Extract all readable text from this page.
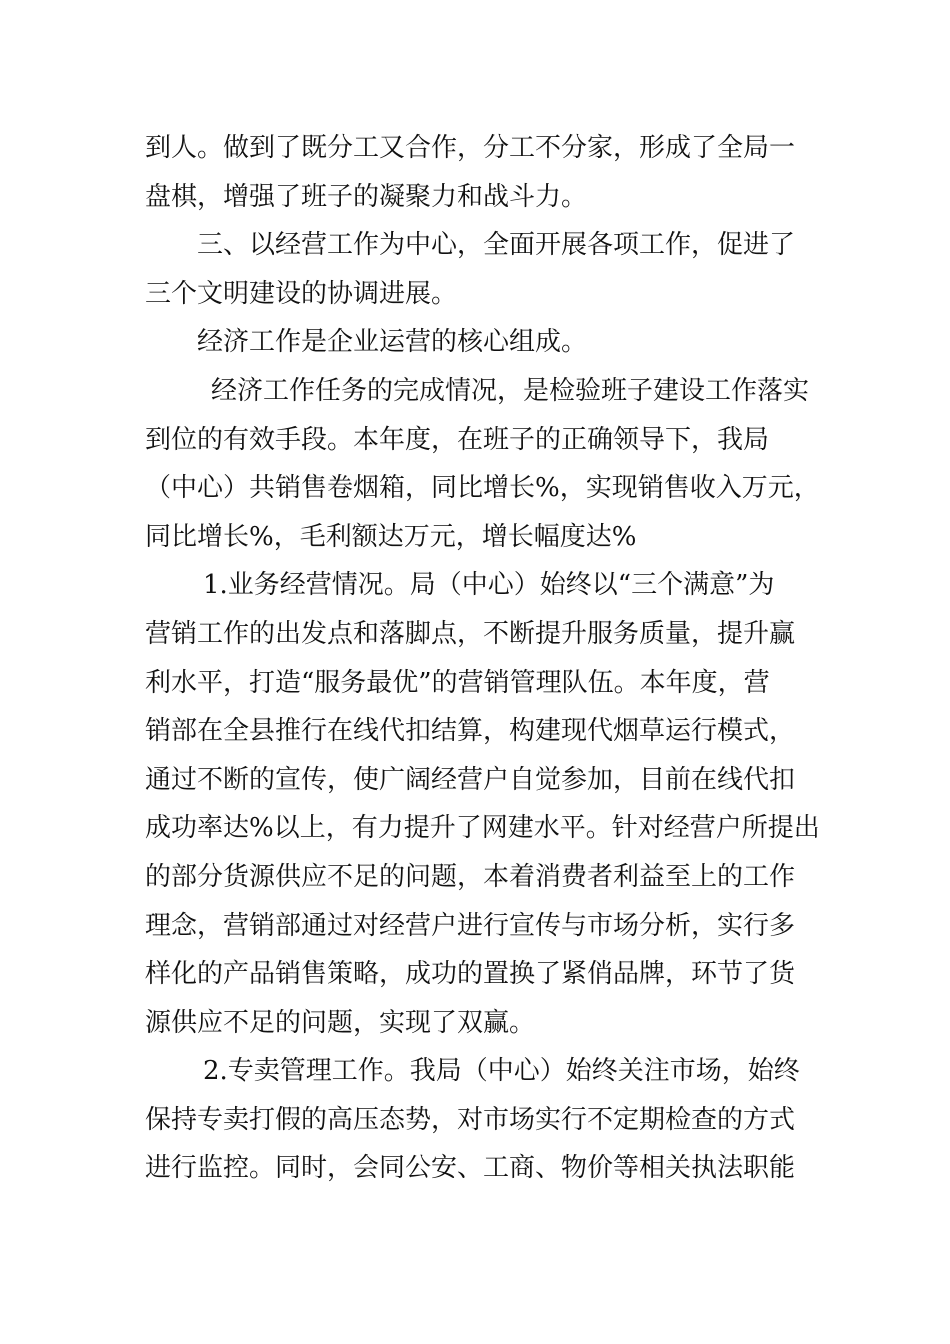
到人。做到了既分工又合作，分工不分家，形成了全局一
盘棋，增强了班子的凝聚力和战斗力。
三、以经营工作为中心，全面开展各项工作，促进了
三个文明建设的协调进展。
经济工作是企业运营的核心组成。
经济工作任务的完成情况，是检验班子建设工作落实
到位的有效手段。本年度，在班子的正确领导下，我局
（中心）共销售卷烟箱，同比增长%，实现销售收入万元，
同比增长%，毛利额达万元，增长幅度达%
1.业务经营情况。局（中心）始终以“三个满意”为
营销工作的出发点和落脚点，不断提升服务质量，提升赢
利水平，打造“服务最优”的营销管理队伍。本年度，营
销部在全县推行在线代扣结算，构建现代烟草运行模式，
通过不断的宣传，使广阔经营户自觉参加，目前在线代扣
成功率达%以上，有力提升了网建水平。针对经营户所提出
的部分货源供应不足的问题，本着消费者利益至上的工作
理念，营销部通过对经营户进行宣传与市场分析，实行多
样化的产品销售策略，成功的置换了紧俏品牌，环节了货
源供应不足的问题，实现了双赢。
2.专卖管理工作。我局（中心）始终关注市场，始终
保持专卖打假的高压态势，对市场实行不定期检查的方式
进行监控。同时，会同公安、工商、物价等相关执法职能
